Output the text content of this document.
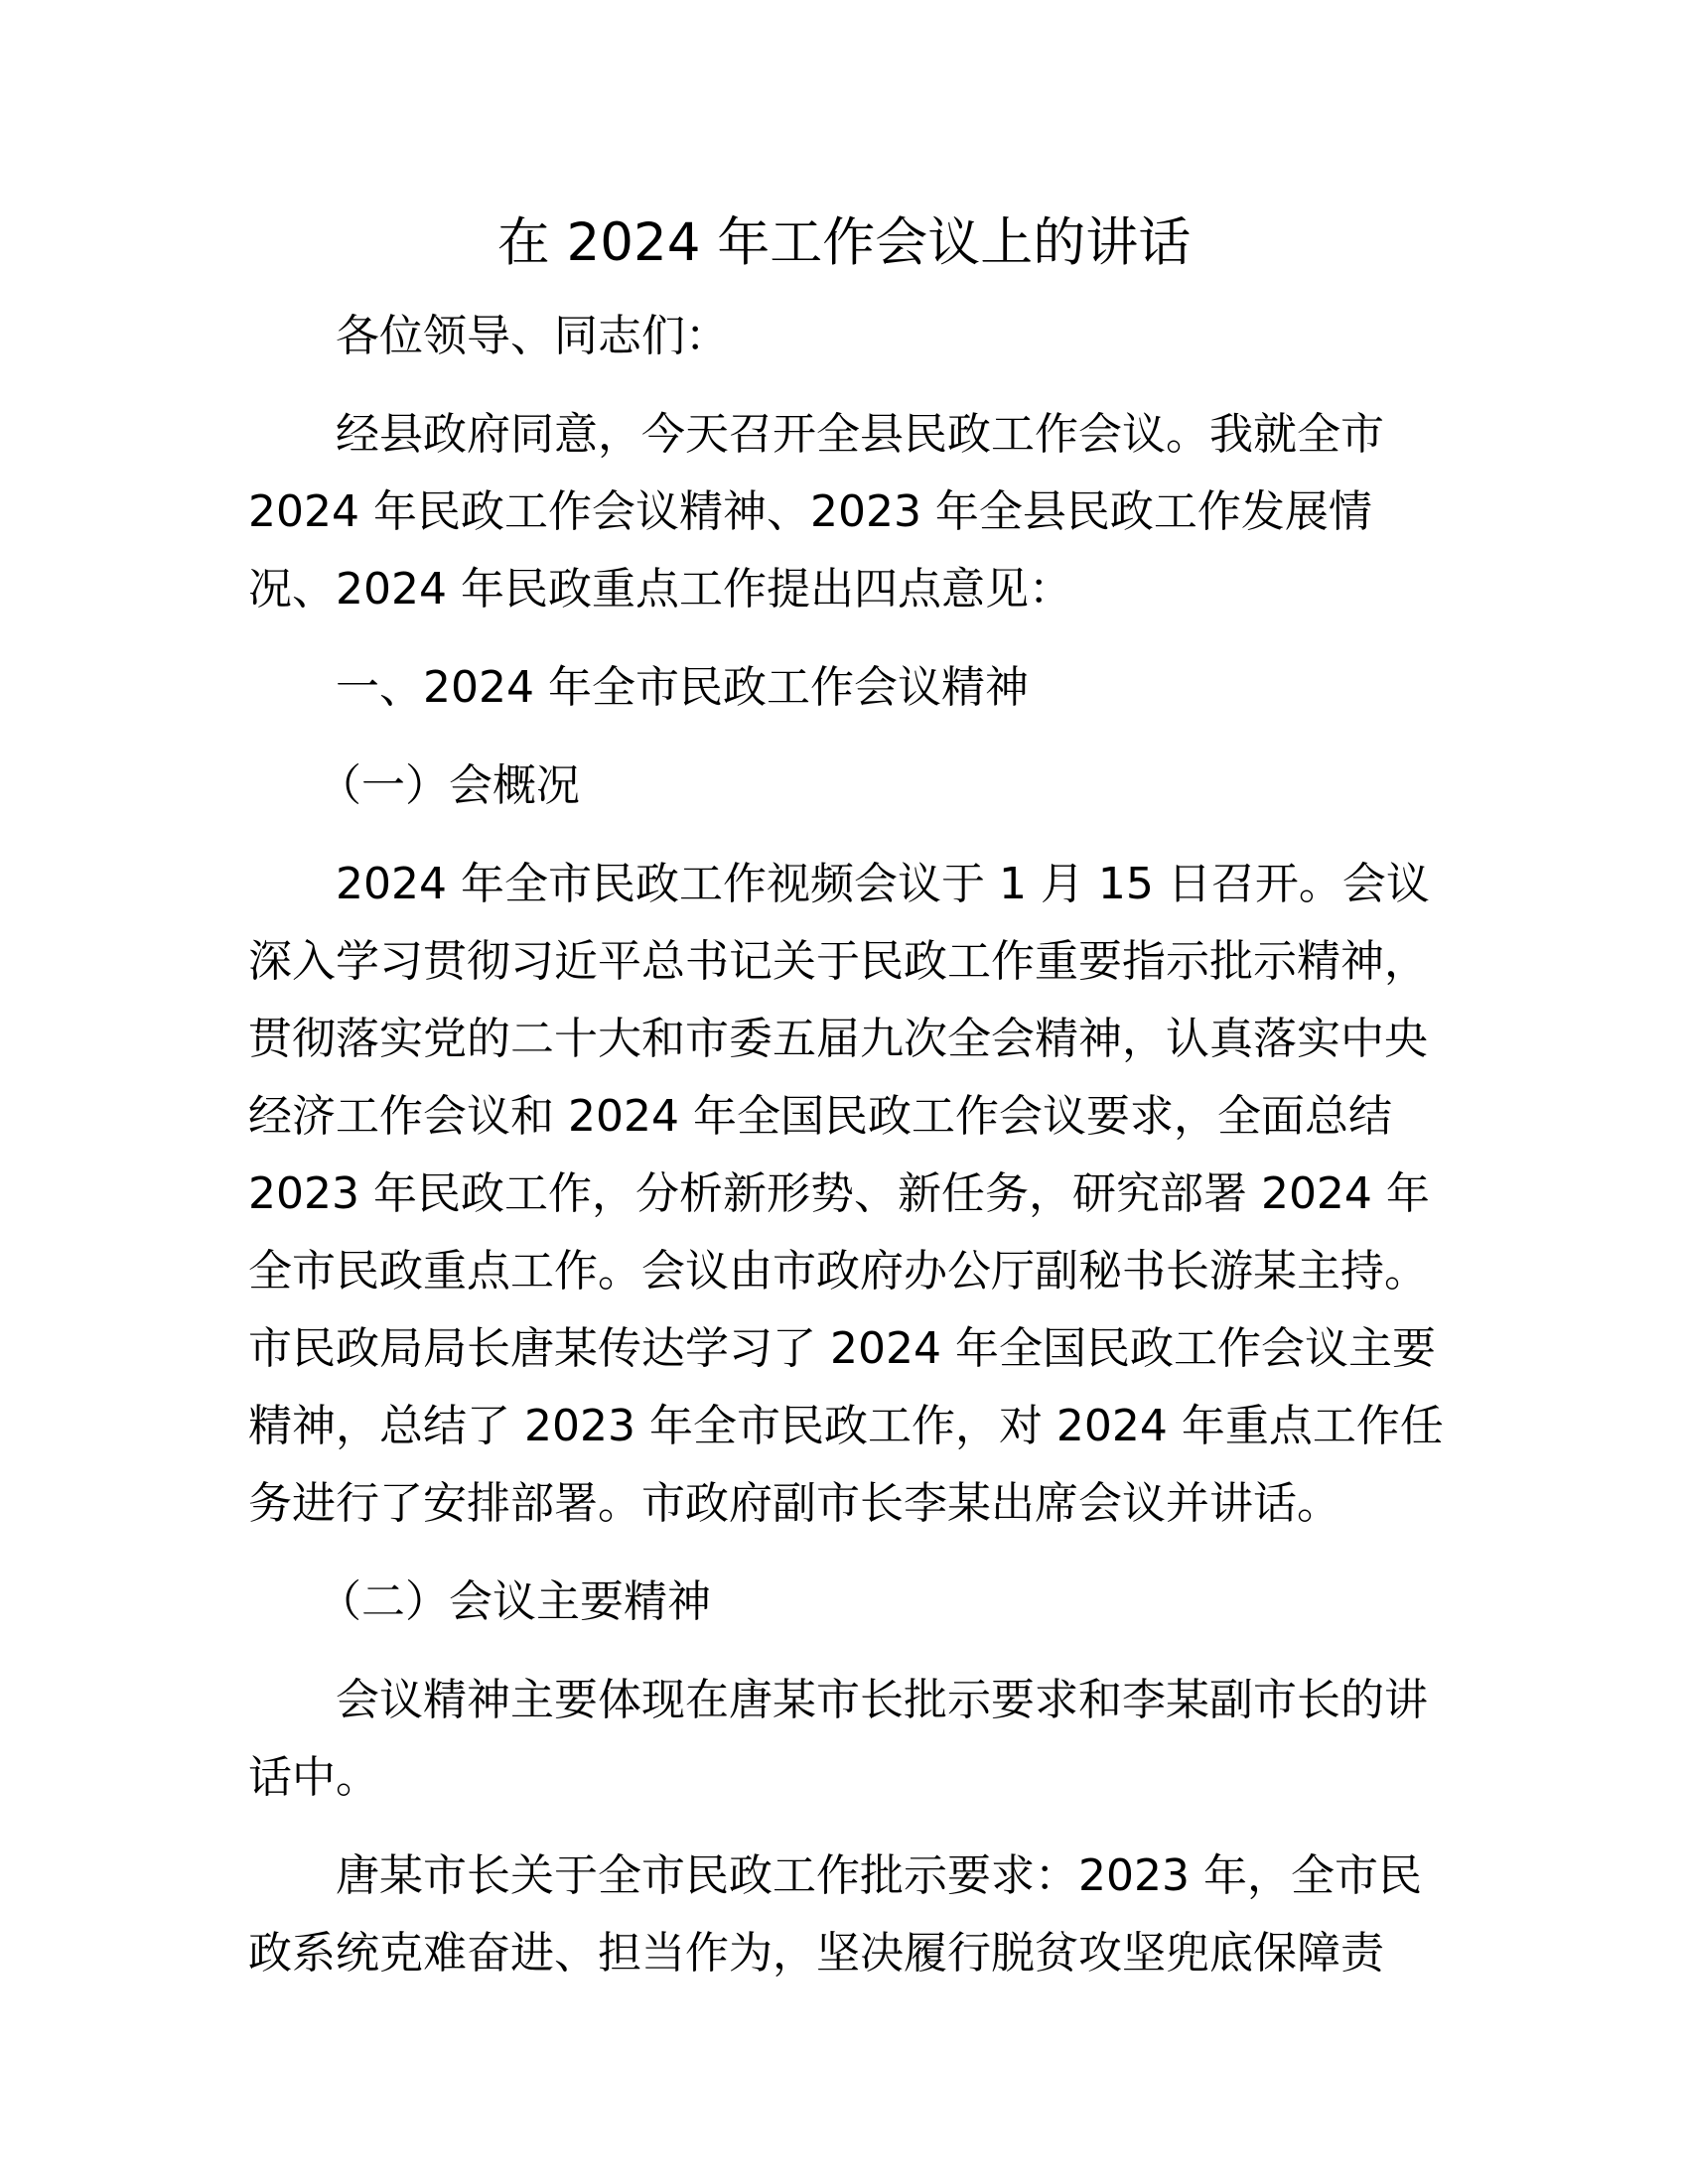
在 2024 年工作会议上的讲话
各位领导、同志们：
经县政府同意，今天召开全县民政工作会议。我就全市
2024 年民政工作会议精神、2023 年全县民政工作发展情
况、2024 年民政重点工作提出四点意见：
一、2024 年全市民政工作会议精神
（一）会概况
2024 年全市民政工作视频会议于 1 月 15 日召开。会议
深入学习贯彻习近平总书记关于民政工作重要指示批示精神，
贯彻落实党的二十大和市委五届九次全会精神，认真落实中央
经济工作会议和 2024 年全国民政工作会议要求，全面总结
2023 年民政工作，分析新形势、新任务，研究部署 2024 年
全市民政重点工作。会议由市政府办公厅副秘书长游某主持。
市民政局局长唐某传达学习了 2024 年全国民政工作会议主要
精神，总结了 2023 年全市民政工作，对 2024 年重点工作任
务进行了安排部署。市政府副市长李某出席会议并讲话。
（二）会议主要精神
会议精神主要体现在唐某市长批示要求和李某副市长的讲
话中。
唐某市长关于全市民政工作批示要求：2023 年，全市民
政系统克难奋进、担当作为，坚决履行脱贫攻坚兜底保障责
